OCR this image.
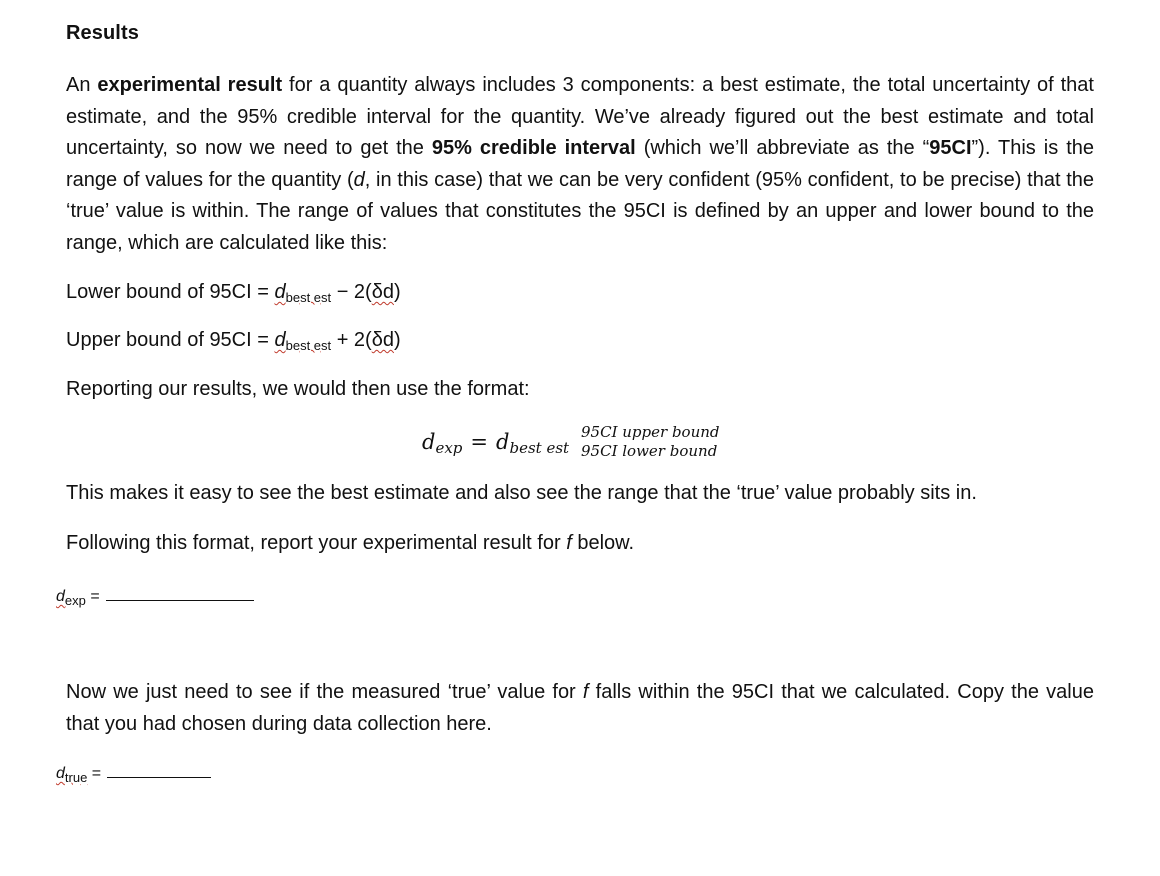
Results
An experimental result for a quantity always includes 3 components: a best estimate, the total uncertainty of that estimate, and the 95% credible interval for the quantity. We’ve already figured out the best estimate and total uncertainty, so now we need to get the 95% credible interval (which we’ll abbreviate as the “95CI”). This is the range of values for the quantity (d, in this case) that we can be very confident (95% confident, to be precise) that the ‘true’ value is within. The range of values that constitutes the 95CI is defined by an upper and lower bound to the range, which are calculated like this:
Lower bound of $95CI = d_{best est} - 2(\delta d)$
Upper bound of $95CI = d_{best est} + 2(\delta d)$
Reporting our results, we would then use the format:
dexp = dbest est
95CI upper bound
95CI lower bound
This makes it easy to see the best estimate and also see the range that the ‘true’ value probably sits in.
Following this format, report your experimental result for f below.
$d_{exp}$ =
Now we just need to see if the measured ‘true’ value for f falls within the 95CI that we calculated. Copy the value that you had chosen during data collection here.
$d_{true}$ =
